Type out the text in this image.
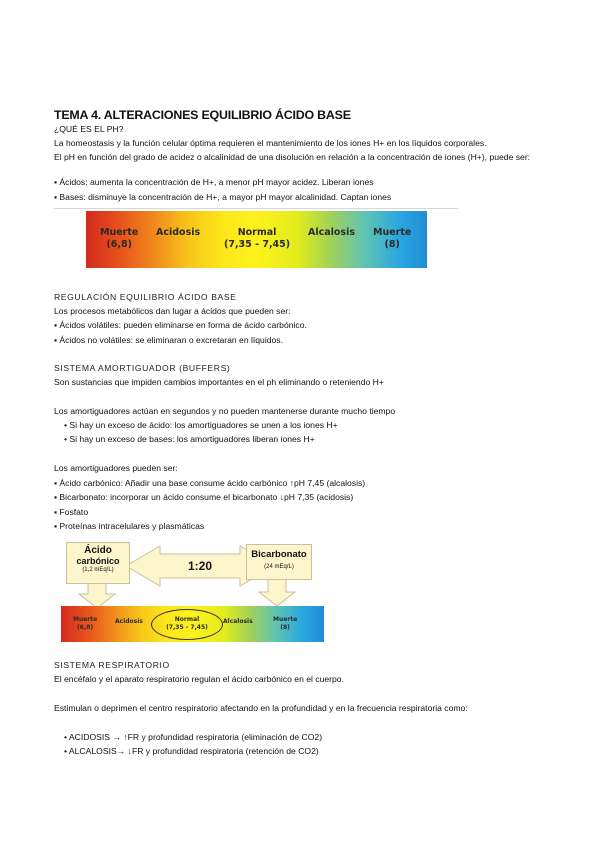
TEMA 4. ALTERACIONES EQUILIBRIO ÁCIDO BASE
¿QUÉ ES EL PH?
La homeostasis y la función celular óptima requieren el mantenimiento de los iones H+ en los líquidos corporales.
El pH en función del grado de acidez o alcalinidad de una disolución en relación a la concentración de iones (H+), puede ser:
▪ Ácidos: aumenta la concentración de H+, a menor pH mayor acidez. Liberan iones
▪ Bases: disminuye la concentración de H+, a mayor pH mayor alcalinidad. Captan iones
Muerte
(6,8)
Acidosis	Normal
(7,35 - 7,45)
Alcalosis Muerte
(8)
REGULACIÓN EQUILIBRIO ÁCIDO BASE
Los procesos metabólicos dan lugar a ácidos que pueden ser:
▪ Ácidos volátiles: pueden eliminarse en forma de ácido carbónico.
▪ Ácidos no volátiles: se eliminaran o excretaran en líquidos.
SISTEMA AMORTIGUADOR (BUFFERS)
Son sustancias que impiden cambios importantes en el ph eliminando o reteniendo H+
Los amortiguadores actúan en segundos y no pueden mantenerse durante mucho tiempo
• Si hay un exceso de ácido: los amortiguadores se unen a los iones H+
• Si hay un exceso de bases: los amortiguadores liberan iones H+
Los amortiguadores pueden ser:
▪ Ácido carbónico: Añadir una base consume ácido carbónico ↑pH 7,45 (alcalosis)
▪ Bicarbonato: incorporar un ácido consume el bicarbonato ↓pH 7,35 (acidosis)
▪ Fosfato
▪ Proteínas intracelulares y plasmáticas
Ácido
carbónico
(1,2 mEq/L)	1:20
Bicarbonato
(24 mEq/L)
Muerte
(6,8)
Acidosis	Normal
(7,35 - 7,45)
Alcalosis	Muerte
(8)
SISTEMA RESPIRATORIO
El encéfalo y el aparato respiratorio regulan el ácido carbónico en el cuerpo.
Estimulan o deprimen el centro respiratorio afectando en la profundidad y en la frecuencia respiratoria como:
• ACIDOSIS → ↑FR y profundidad respiratoria (eliminación de CO2)
• ALCALOSIS→ ↓FR y profundidad respiratoria (retención de CO2)
